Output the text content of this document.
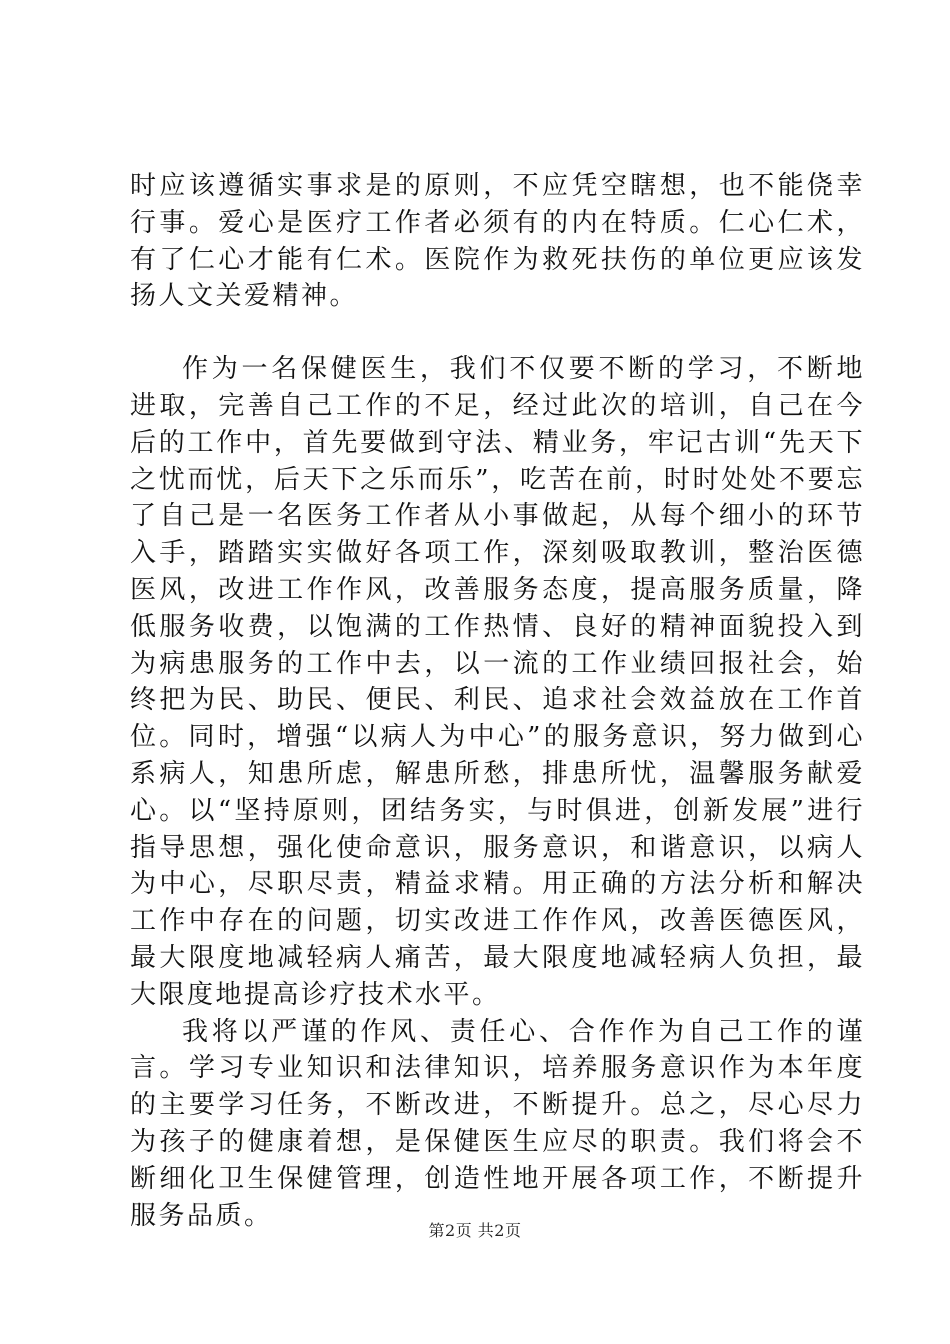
时应该遵循实事求是的原则，不应凭空瞎想，也不能侥幸行事。爱心是医疗工作者必须有的内在特质。仁心仁术，有了仁心才能有仁术。医院作为救死扶伤的单位更应该发扬人文关爱精神。

作为一名保健医生，我们不仅要不断的学习，不断地进取，完善自己工作的不足，经过此次的培训，自己在今后的工作中，首先要做到守法、精业务，牢记古训“先天下之忧而忧，后天下之乐而乐”，吃苦在前，时时处处不要忘了自己是一名医务工作者从小事做起，从每个细小的环节入手，踏踏实实做好各项工作，深刻吸取教训，整治医德医风，改进工作作风，改善服务态度，提高服务质量，降低服务收费，以饱满的工作热情、良好的精神面貌投入到为病患服务的工作中去，以一流的工作业绩回报社会，始终把为民、助民、便民、利民、追求社会效益放在工作首位。同时，增强“以病人为中心”的服务意识，努力做到心系病人，知患所虑，解患所愁，排患所忧，温馨服务献爱心。以“坚持原则，团结务实，与时俱进，创新发展”进行指导思想，强化使命意识，服务意识，和谐意识，以病人为中心，尽职尽责，精益求精。用正确的方法分析和解决工作中存在的问题，切实改进工作作风，改善医德医风，最大限度地减轻病人痛苦，最大限度地减轻病人负担，最大限度地提高诊疗技术水平。

我将以严谨的作风、责任心、合作作为自己工作的谨言。学习专业知识和法律知识，培养服务意识作为本年度的主要学习任务，不断改进，不断提升。总之，尽心尽力为孩子的健康着想，是保健医生应尽的职责。我们将会不断细化卫生保健管理，创造性地开展各项工作，不断提升服务品质。	第2页 共2页
